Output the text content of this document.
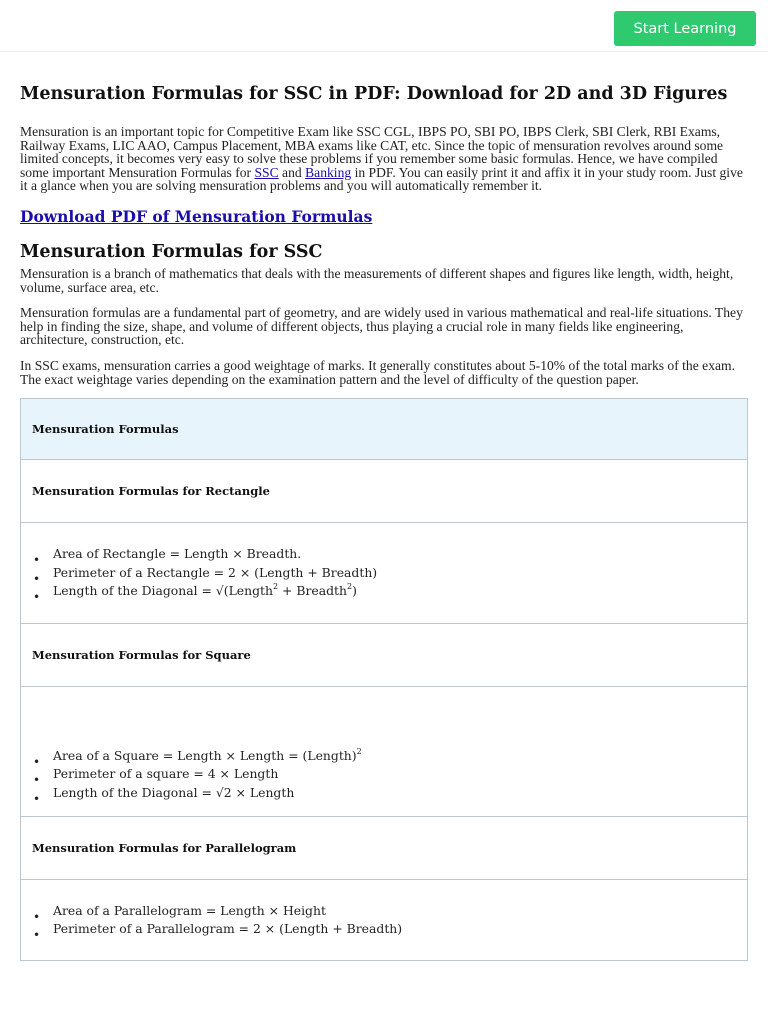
Start Learning
Mensuration Formulas for SSC in PDF: Download for 2D and 3D Figures

Mensuration is an important topic for Competitive Exam like SSC CGL, IBPS PO, SBI PO, IBPS Clerk, SBI Clerk, RBI Exams, Railway Exams, LIC AAO, Campus Placement, MBA exams like CAT, etc. Since the topic of mensuration revolves around some limited concepts, it becomes very easy to solve these problems if you remember some basic formulas. Hence, we have compiled some important Mensuration Formulas for SSC and Banking in PDF. You can easily print it and affix it in your study room. Just give it a glance when you are solving mensuration problems and you will automatically remember it.

Download PDF of Mensuration Formulas
Mensuration Formulas for SSC

Mensuration is a branch of mathematics that deals with the measurements of different shapes and figures like length, width, height, volume, surface area, etc.

Mensuration formulas are a fundamental part of geometry, and are widely used in various mathematical and real-life situations. They help in finding the size, shape, and volume of different objects, thus playing a crucial role in many fields like engineering, architecture, construction, etc.

In SSC exams, mensuration carries a good weightage of marks. It generally constitutes about 5-10% of the total marks of the exam. The exact weightage varies depending on the examination pattern and the level of difficulty of the question paper.

Mensuration Formulas
Mensuration Formulas for Rectangle

• Area of Rectangle = Length × Breadth.
• Perimeter of a Rectangle = 2 × (Length + Breadth)
• Length of the Diagonal = √(Length$^2$ + Breadth$^2$)

Mensuration Formulas for Square

• Area of a Square = Length × Length = (Length)$^2$
• Perimeter of a square = 4 × Length
• Length of the Diagonal = √2 × Length

Mensuration Formulas for Parallelogram

• Area of a Parallelogram = Length × Height
• Perimeter of a Parallelogram = 2 × (Length + Breadth)
